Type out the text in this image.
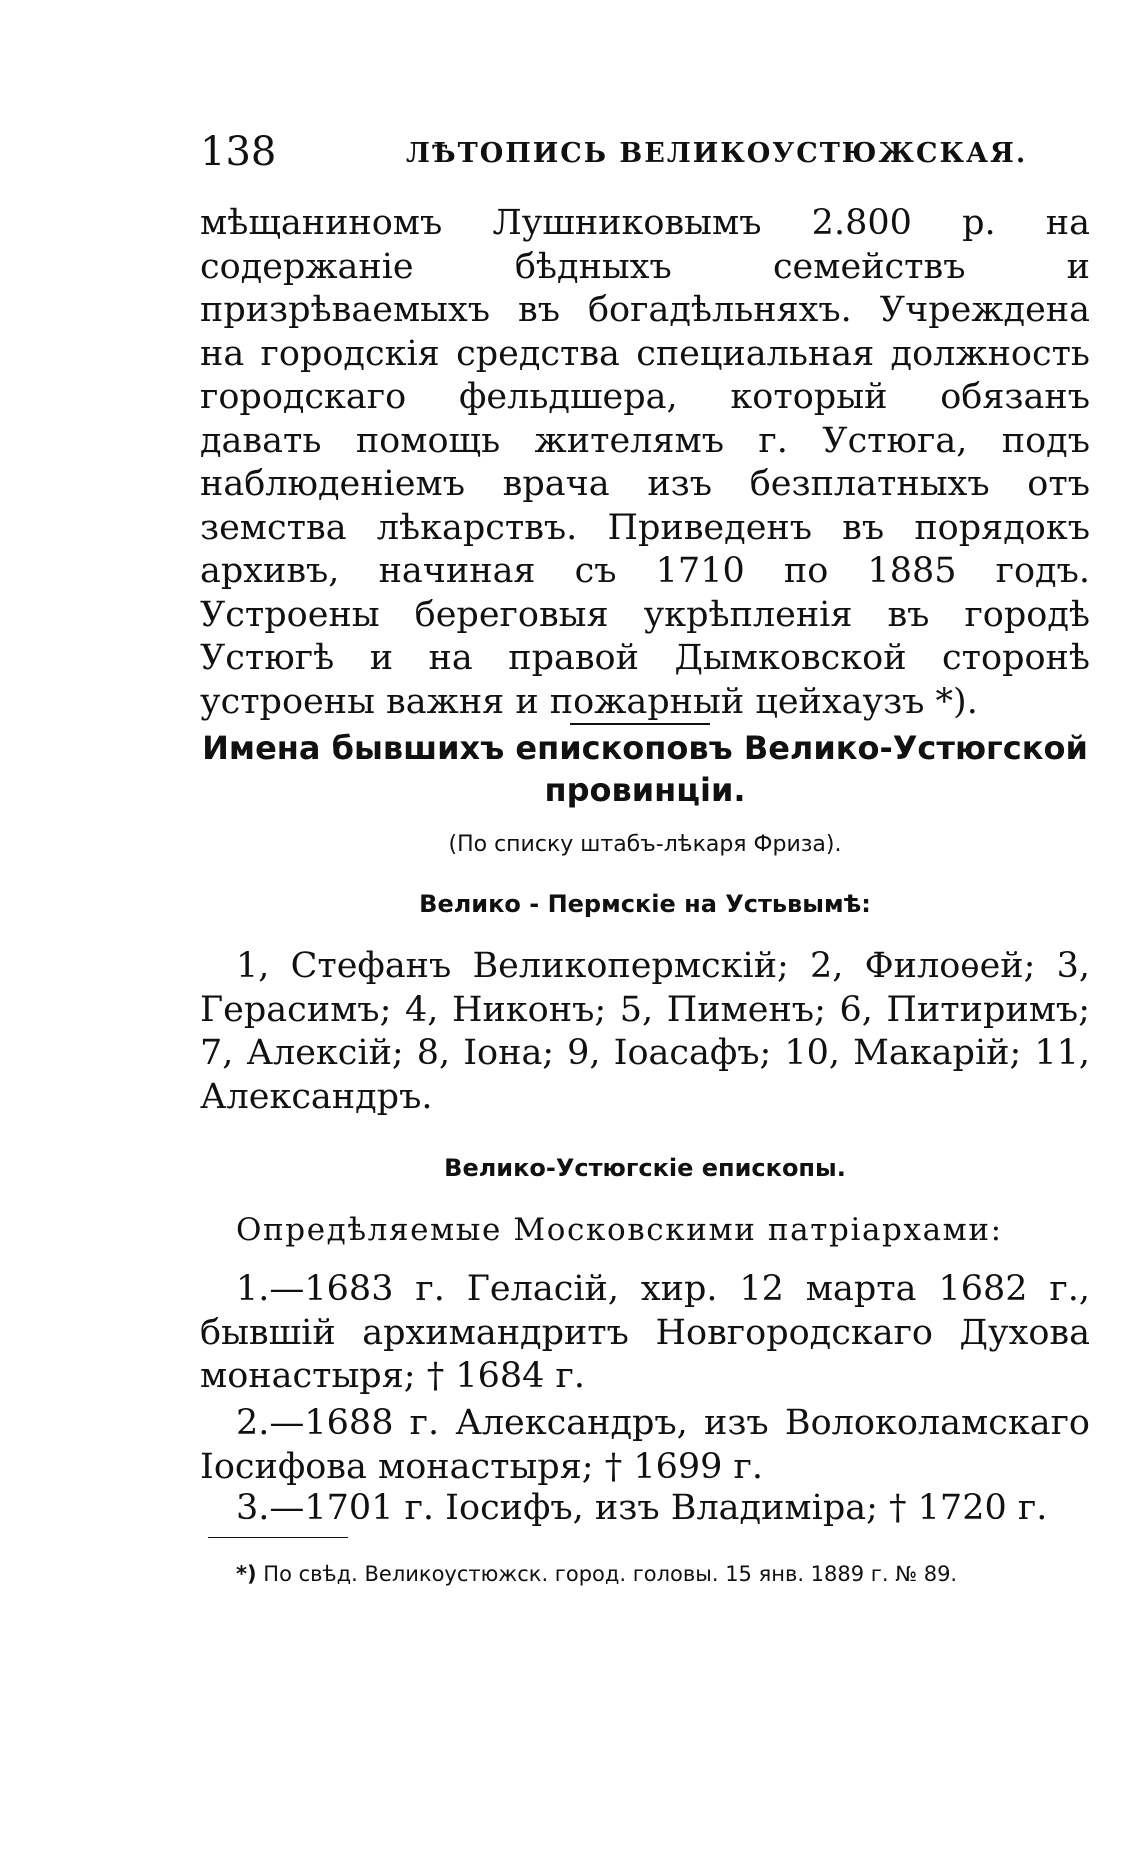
138	ЛѢТОПИСЬ ВЕЛИКОУСТЮЖСКАЯ.

мѣщаниномъ Лушниковымъ 2.800 р. на содержаніе бѣдныхъ семействъ и призрѣваемыхъ въ богадѣльняхъ. Учреждена на городскія средства специальная должность городскаго фельдшера, который обязанъ давать помощь жителямъ г. Устюга, подъ наблюденіемъ врача изъ безплатныхъ отъ земства лѣкарствъ. Приведенъ въ порядокъ архивъ, начиная съ 1710 по 1885 годъ. Устроены береговыя укрѣпленія въ городѣ Устюгѣ и на правой Дымковской сторонѣ устроены важня и пожарный цейхаузъ *).

Имена бывшихъ епископовъ Велико-Устюгской провинціи.
(По списку штабъ-лѣкаря Фриза).
Велико - Пермскіе на Устьвымѣ:

1, Стефанъ Великопермскій; 2, Филоѳей; 3, Герасимъ; 4, Никонъ; 5, Пименъ; 6, Питиримъ; 7, Алексій; 8, Іона; 9, Іоасафъ; 10, Макарій; 11, Александръ.

Велико-Устюгскіе епископы.
Опредѣляемые Московскими патріархами:

1.—1683 г. Геласій, хир. 12 марта 1682 г., бывшій архимандритъ Новгородскаго Духова монастыря; † 1684 г.

2.—1688 г. Александръ, изъ Волоколамскаго Іосифова монастыря; † 1699 г.

3.—1701 г. Іосифъ, изъ Владиміра; † 1720 г.

*) По свѣд. Великоустюжск. город. головы. 15 янв. 1889 г. № 89.
